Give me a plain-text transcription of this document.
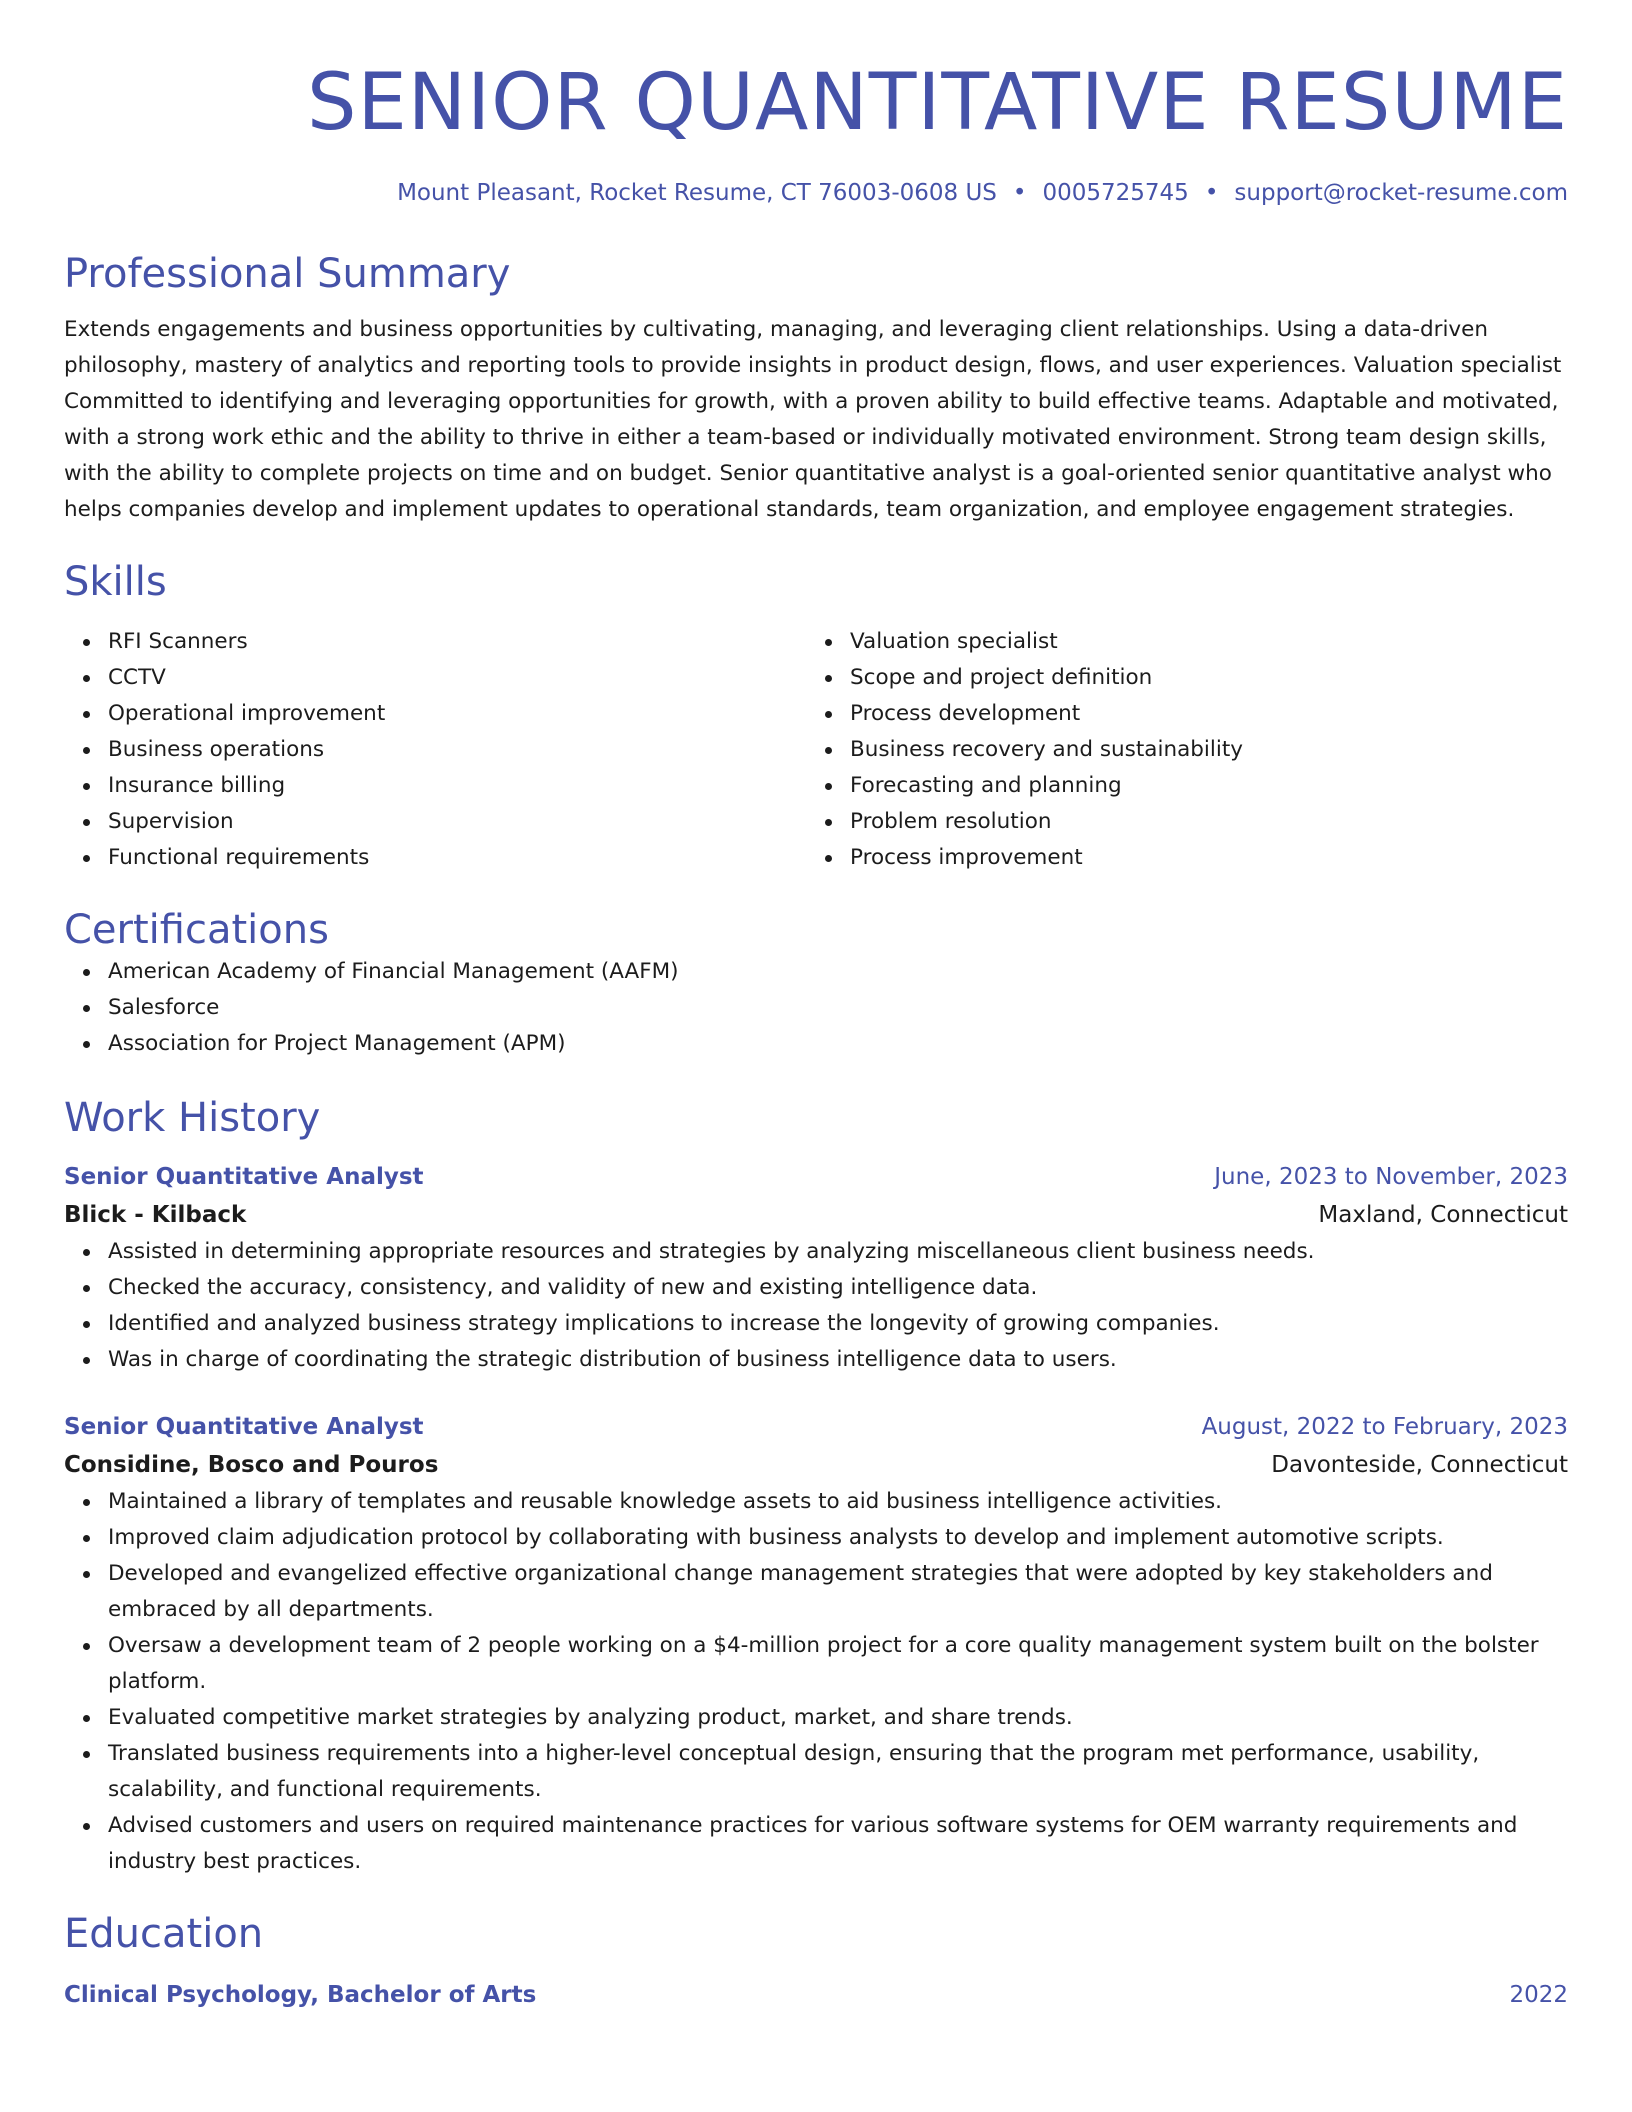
SENIOR QUANTITATIVE RESUME
Mount Pleasant, Rocket Resume, CT 76003-0608 US • 0005725745 • support@rocket-resume.com
Professional Summary
Extends engagements and business opportunities by cultivating, managing, and leveraging client relationships. Using a data-driven philosophy, mastery of analytics and reporting tools to provide insights in product design, flows, and user experiences. Valuation specialist Committed to identifying and leveraging opportunities for growth, with a proven ability to build effective teams. Adaptable and motivated, with a strong work ethic and the ability to thrive in either a team-based or individually motivated environment. Strong team design skills, with the ability to complete projects on time and on budget. Senior quantitative analyst is a goal-oriented senior quantitative analyst who helps companies develop and implement updates to operational standards, team organization, and employee engagement strategies.
Skills
RFI Scanners
CCTV
Operational improvement
Business operations
Insurance billing
Supervision
Functional requirements
Valuation specialist
Scope and project definition
Process development
Business recovery and sustainability
Forecasting and planning
Problem resolution
Process improvement
Certifications
American Academy of Financial Management (AAFM)
Salesforce
Association for Project Management (APM)
Work History
Senior Quantitative Analyst	June, 2023 to November, 2023
Blick - Kilback	Maxland, Connecticut
Assisted in determining appropriate resources and strategies by analyzing miscellaneous client business needs.
Checked the accuracy, consistency, and validity of new and existing intelligence data.
Identified and analyzed business strategy implications to increase the longevity of growing companies.
Was in charge of coordinating the strategic distribution of business intelligence data to users.
Senior Quantitative Analyst	August, 2022 to February, 2023
Considine, Bosco and Pouros	Davonteside, Connecticut
Maintained a library of templates and reusable knowledge assets to aid business intelligence activities.
Improved claim adjudication protocol by collaborating with business analysts to develop and implement automotive scripts.
Developed and evangelized effective organizational change management strategies that were adopted by key stakeholders and embraced by all departments.
Oversaw a development team of 2 people working on a $4-million project for a core quality management system built on the bolster platform.
Evaluated competitive market strategies by analyzing product, market, and share trends.
Translated business requirements into a higher-level conceptual design, ensuring that the program met performance, usability, scalability, and functional requirements.
Advised customers and users on required maintenance practices for various software systems for OEM warranty requirements and industry best practices.
Education
Clinical Psychology, Bachelor of Arts	2022
